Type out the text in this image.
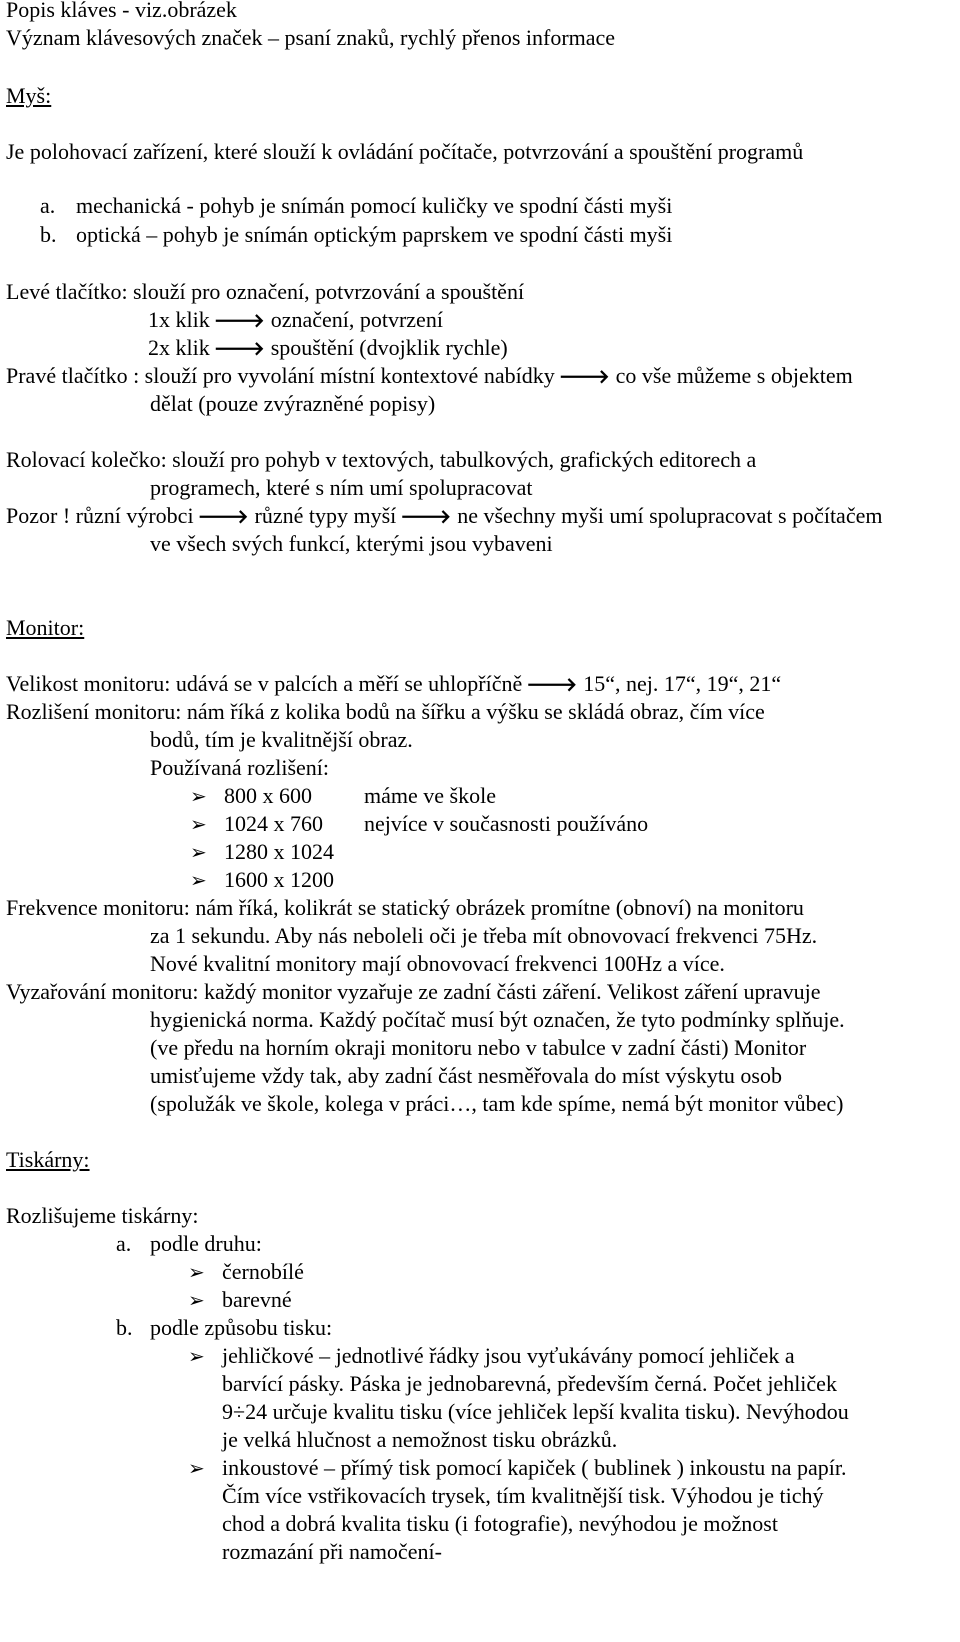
Popis kláves - viz.obrázek
Význam klávesových značek – psaní znaků, rychlý přenos informace
Myš:
Je polohovací zařízení, které slouží k ovládání počítače, potvrzování a spouštění programů
a. mechanická - pohyb je snímán pomocí kuličky ve spodní části myši
b. optická – pohyb je snímán optickým paprskem ve spodní části myši
Levé tlačítko: slouží pro označení, potvrzování a spouštění
1x klik 🡒 označení, potvrzení
2x klik 🡒 spouštění (dvojklik rychle)
Pravé tlačítko : slouží pro vyvolání místní kontextové nabídky 🡒 co vše můžeme s objektem
dělat (pouze zvýrazněné popisy)
Rolovací kolečko: slouží pro pohyb v textových, tabulkových, grafických editorech a
programech, které s ním umí spolupracovat
Pozor ! různí výrobci 🡒 různé typy myší 🡒 ne všechny myši umí spolupracovat s počítačem
ve všech svých funkcí, kterými jsou vybaveni
Monitor:
Velikost monitoru: udává se v palcích a měří se uhlopříčně 🡒 15“, nej. 17“, 19“, 21“
Rozlišení monitoru: nám říká z kolika bodů na šířku a výšku se skládá obraz, čím více
bodů, tím je kvalitnější obraz.
Používaná rozlišení:
➢ 800 x 600 máme ve škole
➢ 1024 x 760 nejvíce v současnosti používáno
➢ 1280 x 1024
➢ 1600 x 1200
Frekvence monitoru: nám říká, kolikrát se statický obrázek promítne (obnoví) na monitoru
za 1 sekundu. Aby nás neboleli oči je třeba mít obnovovací frekvenci 75Hz.
Nové kvalitní monitory mají obnovovací frekvenci 100Hz a více.
Vyzařování monitoru: každý monitor vyzařuje ze zadní části záření. Velikost záření upravuje
hygienická norma. Každý počítač musí být označen, že tyto podmínky splňuje.
(ve předu na horním okraji monitoru nebo v tabulce v zadní části) Monitor
umisťujeme vždy tak, aby zadní část nesměřovala do míst výskytu osob
(spolužák ve škole, kolega v práci…, tam kde spíme, nemá být monitor vůbec)
Tiskárny:
Rozlišujeme tiskárny:
a. podle druhu:
➢ černobílé
➢ barevné
b. podle způsobu tisku:
➢ jehličkové – jednotlivé řádky jsou vyťukávány pomocí jehliček a
barvící pásky. Páska je jednobarevná, především černá. Počet jehliček
9÷24 určuje kvalitu tisku (více jehliček lepší kvalita tisku). Nevýhodou
je velká hlučnost a nemožnost tisku obrázků.
➢ inkoustové – přímý tisk pomocí kapiček ( bublinek ) inkoustu na papír.
Čím více vstřikovacích trysek, tím kvalitnější tisk. Výhodou je tichý
chod a dobrá kvalita tisku (i fotografie), nevýhodou je možnost
rozmazání při namočení-
